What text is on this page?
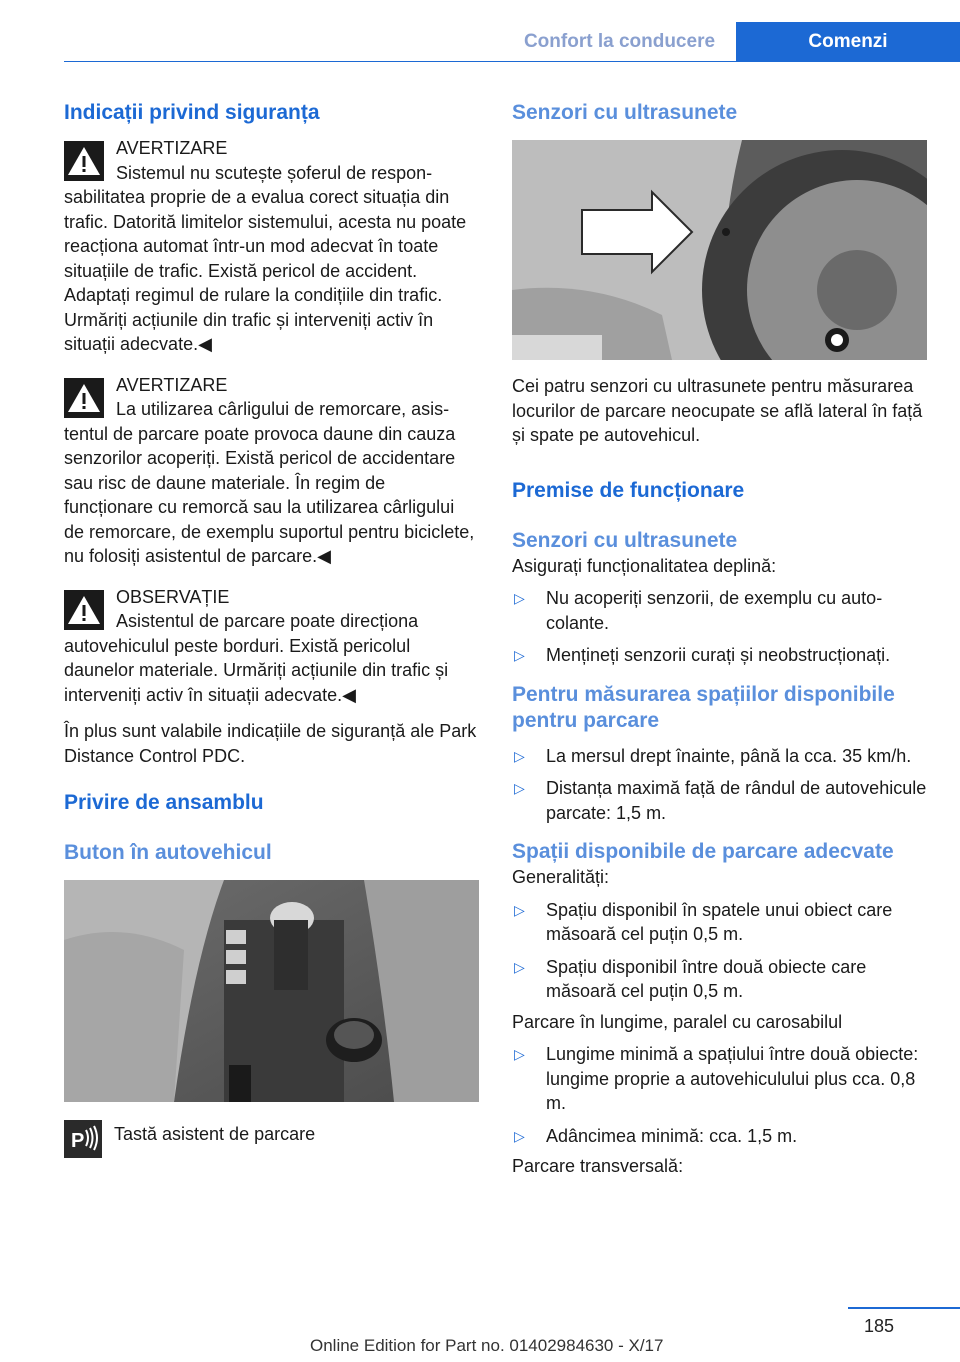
Confort la conducere	Comenzi
Indicații privind siguranța
AVERTIZARE

Sistemul nu scutește șoferul de responsabilitatea proprie de a evalua corect situația din trafic. Datorită limitelor sistemului, acesta nu poate reacționa automat într-un mod adecvat în toate situațiile de trafic. Există pericol de accident. Adaptați regimul de rulare la condițiile din trafic. Urmăriți acțiunile din trafic și interveniți activ în situații adecvate.◀

AVERTIZARE

La utilizarea cârligului de remorcare, asistentul de parcare poate provoca daune din cauza senzorilor acoperiți. Există pericol de accidentare sau risc de daune materiale. În regim de funcționare cu remorcă sau la utilizarea cârligului de remorcare, de exemplu suportul pentru biciclete, nu folosiți asistentul de parcare.◀

OBSERVAȚIE

Asistentul de parcare poate direcționa autovehiculul peste borduri. Există pericolul daunelor materiale. Urmăriți acțiunile din trafic și interveniți activ în situații adecvate.◀

În plus sunt valabile indicațiile de siguranță ale Park Distance Control PDC.

Privire de ansamblu
Buton în autovehicul
P	Tastă asistent de parcare

Senzori cu ultrasunete

Cei patru senzori cu ultrasunete pentru măsurarea locurilor de parcare neocupate se află lateral în față și spate pe autovehicul.

Premise de funcționare
Senzori cu ultrasunete

Asigurați funcționalitatea deplină:

▷ Nu acoperiți senzorii, de exemplu cu autocolante.
▷ Mențineți senzorii curați și neobstrucționați.
Pentru măsurarea spațiilor disponibile pentru parcare
▷ La mersul drept înainte, până la cca. 35 km/h.
▷ Distanța maximă față de rândul de autovehicule parcate: 1,5 m.
Spații disponibile de parcare adecvate

Generalități:

▷ Spațiu disponibil în spatele unui obiect care măsoară cel puțin 0,5 m.
▷ Spațiu disponibil între două obiecte care măsoară cel puțin 0,5 m.

Parcare în lungime, paralel cu carosabilul

▷ Lungime minimă a spațiului între două obiecte: lungime proprie a autovehiculului plus cca. 0,8 m.
▷ Adâncimea minimă: cca. 1,5 m.

Parcare transversală:

185
Online Edition for Part no. 01402984630 - X/17
